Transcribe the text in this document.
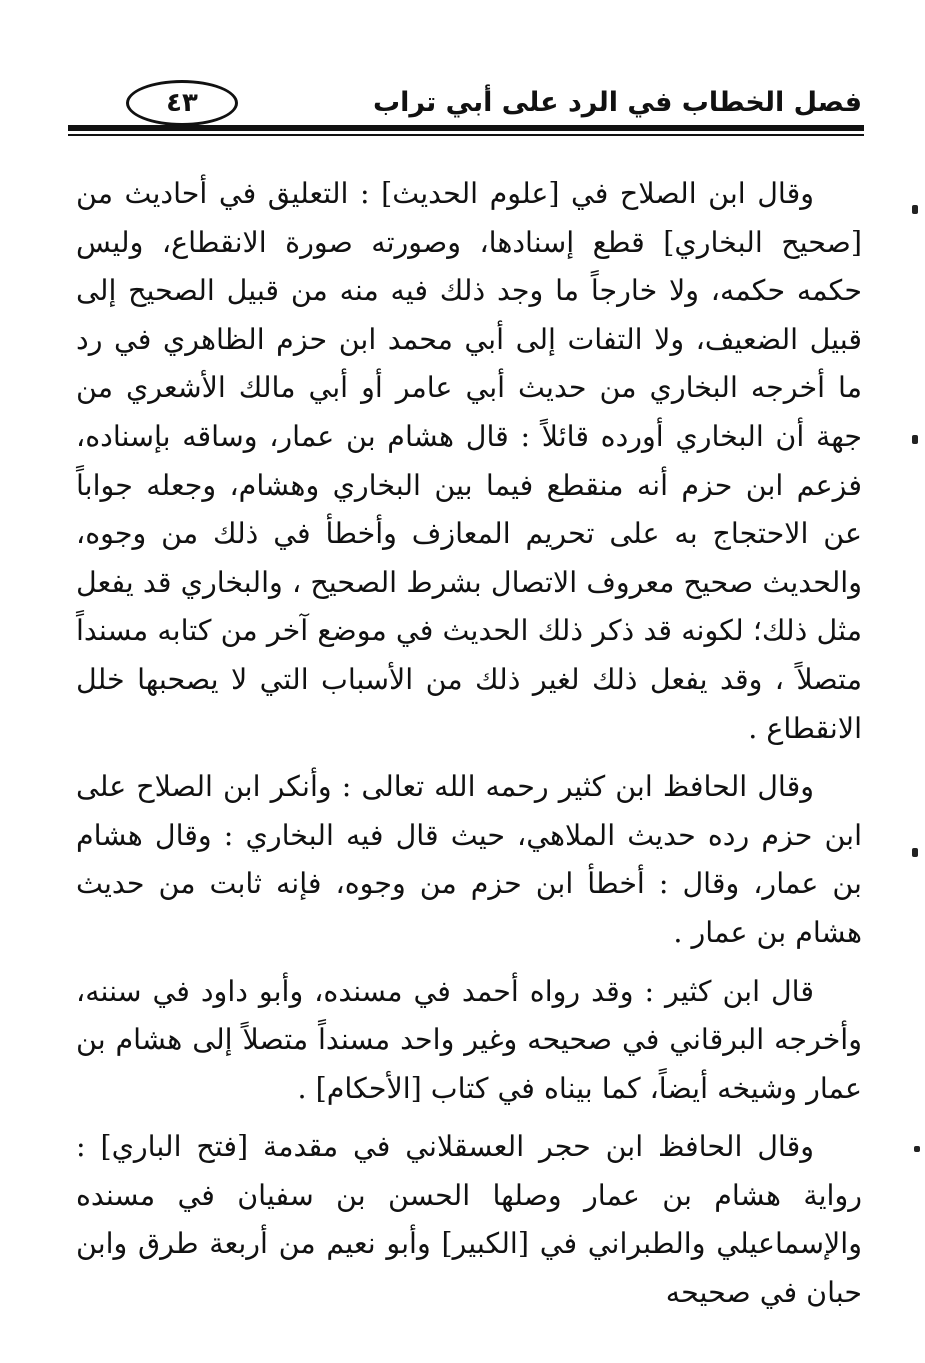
٤٣	فصل الخطاب في الرد على أبي تراب

وقال ابن الصلاح في [علوم الحديث] : التعليق في أحاديث من [صحيح البخاري] قطع إسنادها، وصورته صورة الانقطاع، وليس حكمه حكمه، ولا خارجاً ما وجد ذلك فيه منه من قبيل الصحيح إلى قبيل الضعيف، ولا التفات إلى أبي محمد ابن حزم الظاهري في رد ما أخرجه البخاري من حديث أبي عامر أو أبي مالك الأشعري من جهة أن البخاري أورده قائلاً : قال هشام بن عمار، وساقه بإسناده، فزعم ابن حزم أنه منقطع فيما بين البخاري وهشام، وجعله جواباً عن الاحتجاج به على تحريم المعازف وأخطأ في ذلك من وجوه، والحديث صحيح معروف الاتصال بشرط الصحيح ، والبخاري قد يفعل مثل ذلك؛ لكونه قد ذكر ذلك الحديث في موضع آخر من كتابه مسنداً متصلاً ، وقد يفعل ذلك لغير ذلك من الأسباب التي لا يصحبها خلل الانقطاع .

وقال الحافظ ابن كثير رحمه الله تعالى : وأنكر ابن الصلاح على ابن حزم رده حديث الملاهي، حيث قال فيه البخاري : وقال هشام بن عمار، وقال : أخطأ ابن حزم من وجوه، فإنه ثابت من حديث هشام بن عمار .

قال ابن كثير : وقد رواه أحمد في مسنده، وأبو داود في سننه، وأخرجه البرقاني في صحيحه وغير واحد مسنداً متصلاً إلى هشام بن عمار وشيخه أيضاً، كما بيناه في كتاب [الأحكام] .

وقال الحافظ ابن حجر العسقلاني في مقدمة [فتح الباري] : رواية هشام بن عمار وصلها الحسن بن سفيان في مسنده والإسماعيلي والطبراني في [الكبير] وأبو نعيم من أربعة طرق وابن حبان في صحيحه
